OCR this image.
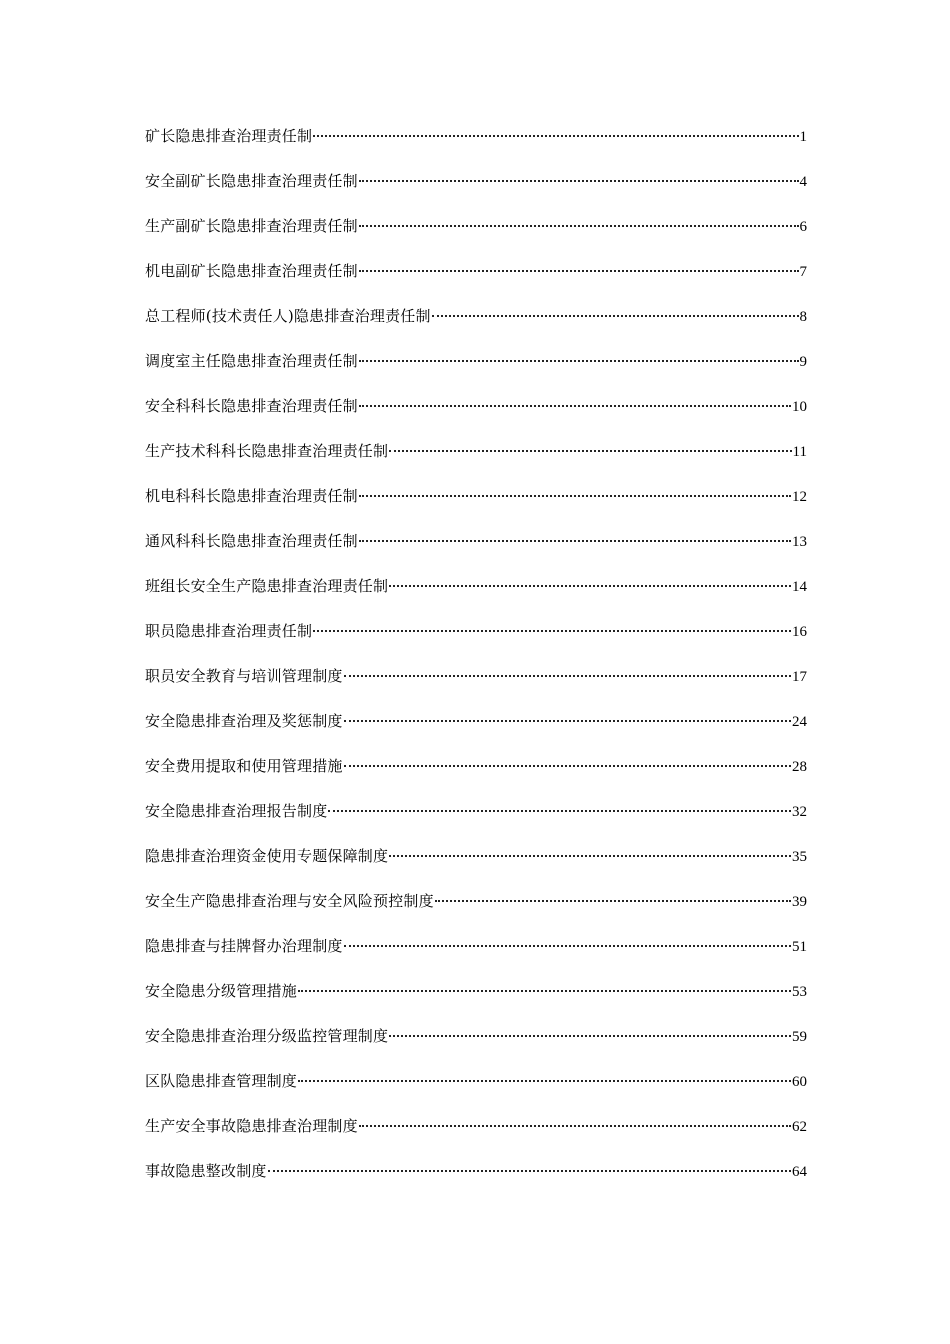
矿长隐患排查治理责任制	1
安全副矿长隐患排查治理责任制	4
生产副矿长隐患排查治理责任制	6
机电副矿长隐患排查治理责任制	7
总工程师(技术责任人)隐患排查治理责任制	8
调度室主任隐患排查治理责任制	9
安全科科长隐患排查治理责任制	10
生产技术科科长隐患排查治理责任制	11
机电科科长隐患排查治理责任制	12
通风科科长隐患排查治理责任制	13
班组长安全生产隐患排查治理责任制	14
职员隐患排查治理责任制	16
职员安全教育与培训管理制度	17
安全隐患排查治理及奖惩制度	24
安全费用提取和使用管理措施	28
安全隐患排查治理报告制度	32
隐患排查治理资金使用专题保障制度	35
安全生产隐患排查治理与安全风险预控制度	39
隐患排查与挂牌督办治理制度	51
安全隐患分级管理措施	53
安全隐患排查治理分级监控管理制度	59
区队隐患排查管理制度	60
生产安全事故隐患排查治理制度	62
事故隐患整改制度	64
